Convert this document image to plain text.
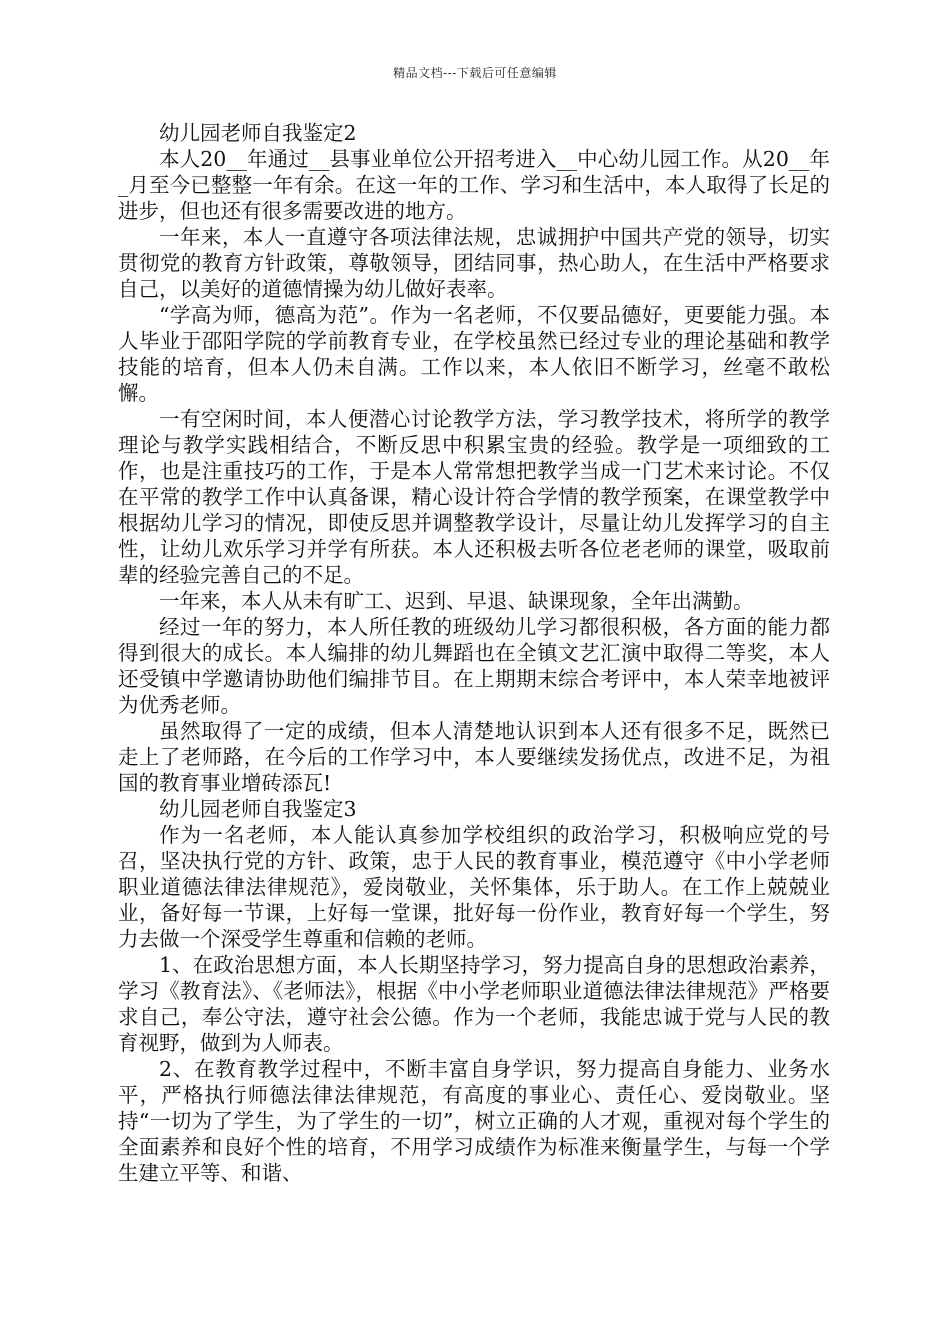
精品文档---下载后可任意编辑

幼儿园老师自我鉴定2

本人20__年通过__县事业单位公开招考进入__中心幼儿园工作。从20__年_月至今已整整一年有余。在这一年的工作、学习和生活中，本人取得了长足的进步，但也还有很多需要改进的地方。

一年来，本人一直遵守各项法律法规，忠诚拥护中国共产党的领导，切实贯彻党的教育方针政策，尊敬领导，团结同事，热心助人，在生活中严格要求自己，以美好的道德情操为幼儿做好表率。

“学高为师，德高为范”。作为一名老师，不仅要品德好，更要能力强。本人毕业于邵阳学院的学前教育专业，在学校虽然已经过专业的理论基础和教学技能的培育，但本人仍未自满。工作以来，本人依旧不断学习，丝毫不敢松懈。

一有空闲时间，本人便潜心讨论教学方法，学习教学技术，将所学的教学理论与教学实践相结合，不断反思中积累宝贵的经验。教学是一项细致的工作，也是注重技巧的工作，于是本人常常想把教学当成一门艺术来讨论。不仅在平常的教学工作中认真备课，精心设计符合学情的教学预案，在课堂教学中根据幼儿学习的情况，即使反思并调整教学设计，尽量让幼儿发挥学习的自主性，让幼儿欢乐学习并学有所获。本人还积极去听各位老老师的课堂，吸取前辈的经验完善自己的不足。

一年来，本人从未有旷工、迟到、早退、缺课现象，全年出满勤。

经过一年的努力，本人所任教的班级幼儿学习都很积极，各方面的能力都得到很大的成长。本人编排的幼儿舞蹈也在全镇文艺汇演中取得二等奖，本人还受镇中学邀请协助他们编排节目。在上期期末综合考评中，本人荣幸地被评为优秀老师。

虽然取得了一定的成绩，但本人清楚地认识到本人还有很多不足，既然已走上了老师路，在今后的工作学习中，本人要继续发扬优点，改进不足，为祖国的教育事业增砖添瓦!

幼儿园老师自我鉴定3

作为一名老师，本人能认真参加学校组织的政治学习，积极响应党的号召，坚决执行党的方针、政策，忠于人民的教育事业，模范遵守《中小学老师职业道德法律法律规范》，爱岗敬业，关怀集体，乐于助人。在工作上兢兢业业，备好每一节课，上好每一堂课，批好每一份作业，教育好每一个学生，努力去做一个深受学生尊重和信赖的老师。

1、在政治思想方面，本人长期坚持学习，努力提高自身的思想政治素养，学习《教育法》、《老师法》，根据《中小学老师职业道德法律法律规范》严格要求自己，奉公守法，遵守社会公德。作为一个老师，我能忠诚于党与人民的教育视野，做到为人师表。

2、在教育教学过程中，不断丰富自身学识，努力提高自身能力、业务水平，严格执行师德法律法律规范，有高度的事业心、责任心、爱岗敬业。坚持“一切为了学生，为了学生的一切”，树立正确的人才观，重视对每个学生的全面素养和良好个性的培育，不用学习成绩作为标准来衡量学生，与每一个学生建立平等、和谐、
